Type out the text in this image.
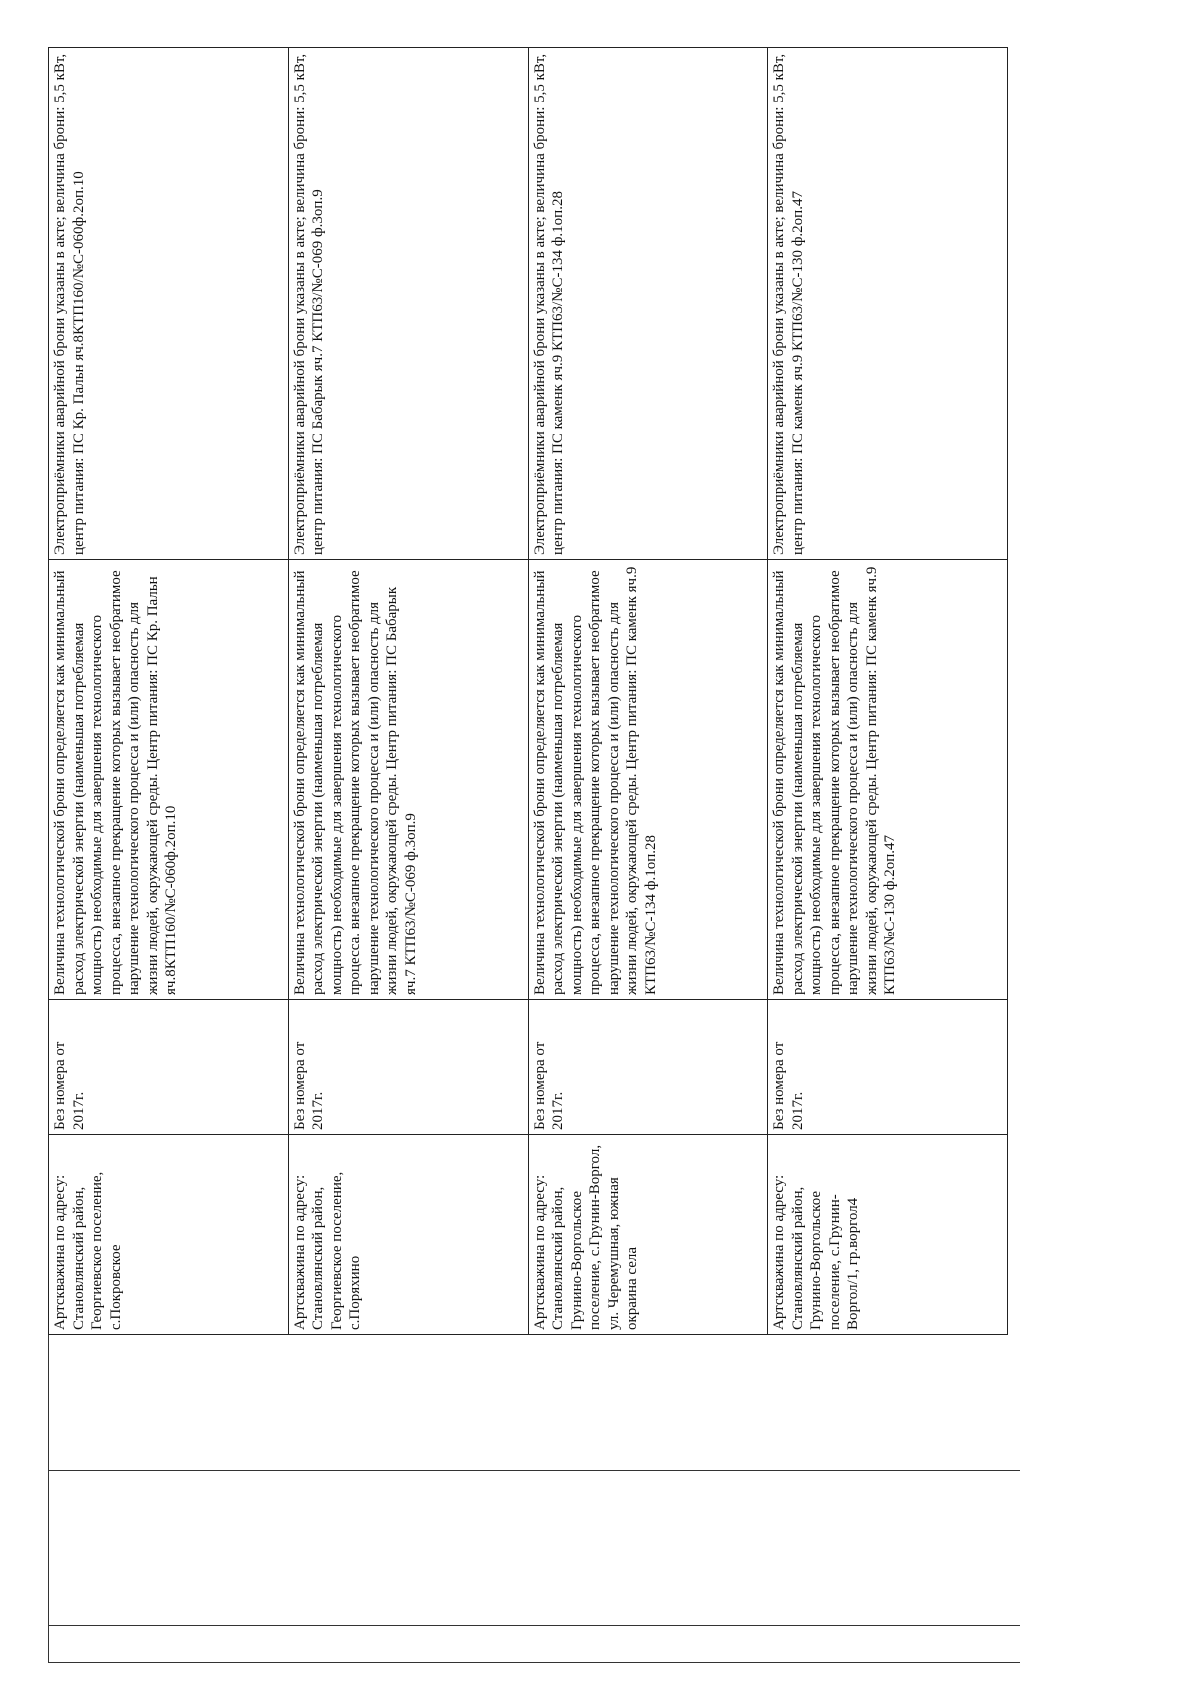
Артскважина по адресу: Становлянский район, Георгиевское поселение, с.Покровское	Без номера от 2017г.	Величина технологической брони определяется как минимальный расход электрической энергии (наименьшая потребляемая мощность) необходимые для завершения технологического процесса, внезапное прекращение которых вызывает необратимое нарушение технологического процесса и (или) опасность для жизни людей, окружающей среды. Центр питания: ПС Кр. Пальн яч.8КТП160/№С-060ф.2оп.10	Электроприёмники аварийной брони указаны в акте; величина брони: 5,5 кВт, центр питания: ПС Кр. Пальн яч.8КТП160/№С-060ф.2оп.10
Артскважина по адресу: Становлянский район, Георгиевское поселение, с.Поряхино	Без номера от 2017г.	Величина технологической брони определяется как минимальный расход электрической энергии (наименьшая потребляемая мощность) необходимые для завершения технологического процесса. внезапное прекращение которых вызывает необратимое нарушение технологического процесса и (или) опасность для жизни людей, окружающей среды. Центр питания: ПС Бабарык яч.7 КТП63/№С-069 ф.3оп.9	Электроприёмники аварийной брони указаны в акте; величина брони: 5,5 кВт, центр питания: ПС Бабарык яч.7 КТП63/№С-069 ф.3оп.9
Артскважина по адресу: Становлянский район, Грунино-Воргольское поселение, с.Грунин-Воргол, ул. Черемушная, южная окраина села	Без номера от 2017г.	Величина технологической брони определяется как минимальный расход электрической энергии (наименьшая потребляемая мощность) необходимые для завершения технологического процесса, внезапное прекращение которых вызывает необратимое нарушение технологического процесса и (или) опасность для жизни людей, окружающей среды. Центр питания: ПС каменк яч.9 КТП63/№С-134 ф.1оп.28	Электроприёмники аварийной брони указаны в акте; величина брони: 5,5 кВт, центр питания: ПС каменк яч.9 КТП63/№С-134 ф.1оп.28
Артскважина по адресу: Становлянский район, Грунино-Воргольское поселение, с.Грунин-Воргол/1, гр.воргол4	Без номера от 2017г.	Величина технологической брони определяется как минимальный расход электрической энергии (наименьшая потребляемая мощность) необходимые для завершения технологического процесса, внезапное прекращение которых вызывает необратимое нарушение технологического процесса и (или) опасность для жизни людей, окружающей среды. Центр питания: ПС каменк яч.9 КТП63/№С-130 ф.2оп.47	Электроприёмники аварийной брони указаны в акте; величина брони: 5,5 кВт, центр питания: ПС каменк яч.9 КТП63/№С-130 ф.2оп.47
